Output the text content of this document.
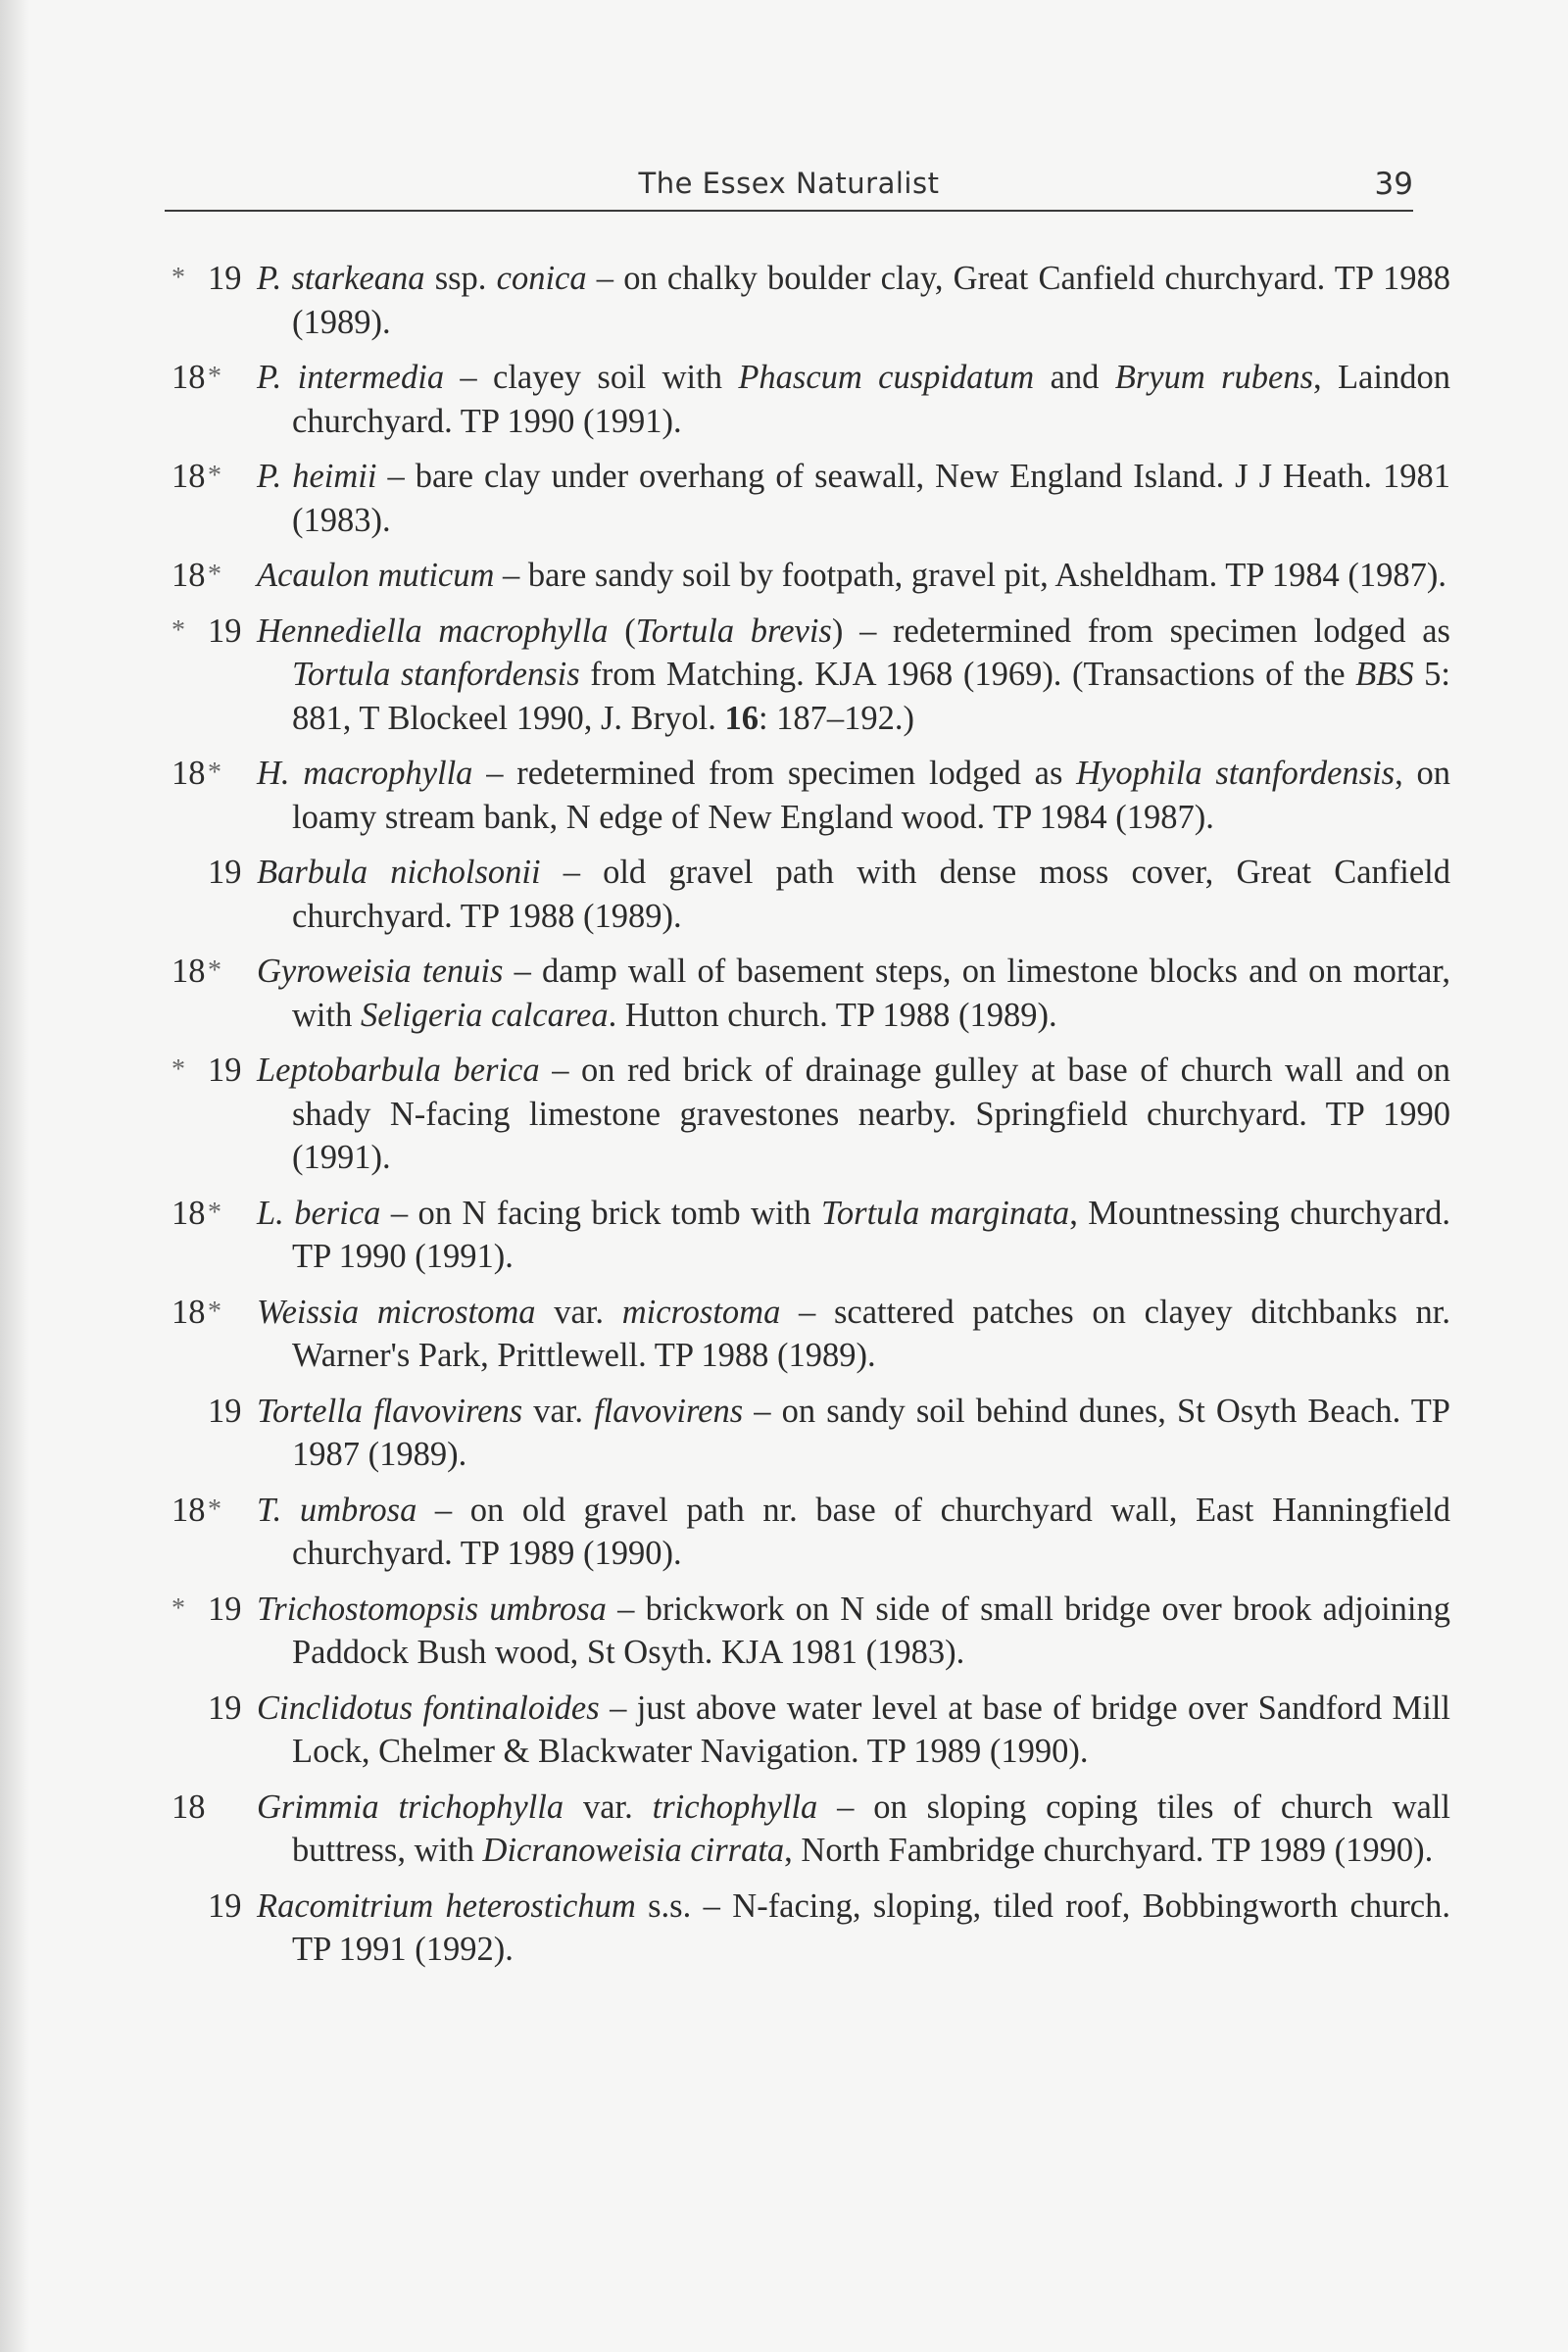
The Essex Naturalist	39
* 19 P. starkeana ssp. conica – on chalky boulder clay, Great Canfield churchyard. TP 1988 (1989).
18 *	P. intermedia – clayey soil with Phascum cuspidatum and Bryum rubens, Laindon churchyard. TP 1990 (1991).
18 *	P. heimii – bare clay under overhang of seawall, New England Island. J J Heath. 1981 (1983).
18 *	Acaulon muticum – bare sandy soil by footpath, gravel pit, Asheldham. TP 1984 (1987).
* 19 Hennediella macrophylla (Tortula brevis) – redetermined from specimen lodged as Tortula stanfordensis from Matching. KJA 1968 (1969). (Transactions of the BBS 5: 881, T Blockeel 1990, J. Bryol. 16: 187–192.)
18 *	H. macrophylla – redetermined from specimen lodged as Hyophila stanfordensis, on loamy stream bank, N edge of New England wood. TP 1984 (1987).
19 Barbula nicholsonii – old gravel path with dense moss cover, Great Canfield churchyard. TP 1988 (1989).
18 *	Gyroweisia tenuis – damp wall of basement steps, on limestone blocks and on mortar, with Seligeria calcarea. Hutton church. TP 1988 (1989).
* 19 Leptobarbula berica – on red brick of drainage gulley at base of church wall and on shady N-facing limestone gravestones nearby. Springfield churchyard. TP 1990 (1991).
18 *	L. berica – on N facing brick tomb with Tortula marginata, Mountnessing churchyard. TP 1990 (1991).
18 *	Weissia microstoma var. microstoma – scattered patches on clayey ditchbanks nr. Warner's Park, Prittlewell. TP 1988 (1989).
19 Tortella flavovirens var. flavovirens – on sandy soil behind dunes, St Osyth Beach. TP 1987 (1989).
18 *	T. umbrosa – on old gravel path nr. base of churchyard wall, East Hanningfield churchyard. TP 1989 (1990).
* 19 Trichostomopsis umbrosa – brickwork on N side of small bridge over brook adjoining Paddock Bush wood, St Osyth. KJA 1981 (1983).
19 Cinclidotus fontinaloides – just above water level at base of bridge over Sandford Mill Lock, Chelmer & Blackwater Navigation. TP 1989 (1990).
18	Grimmia trichophylla var. trichophylla – on sloping coping tiles of church wall buttress, with Dicranoweisia cirrata, North Fambridge churchyard. TP 1989 (1990).
19 Racomitrium heterostichum s.s. – N-facing, sloping, tiled roof, Bobbingworth church. TP 1991 (1992).
